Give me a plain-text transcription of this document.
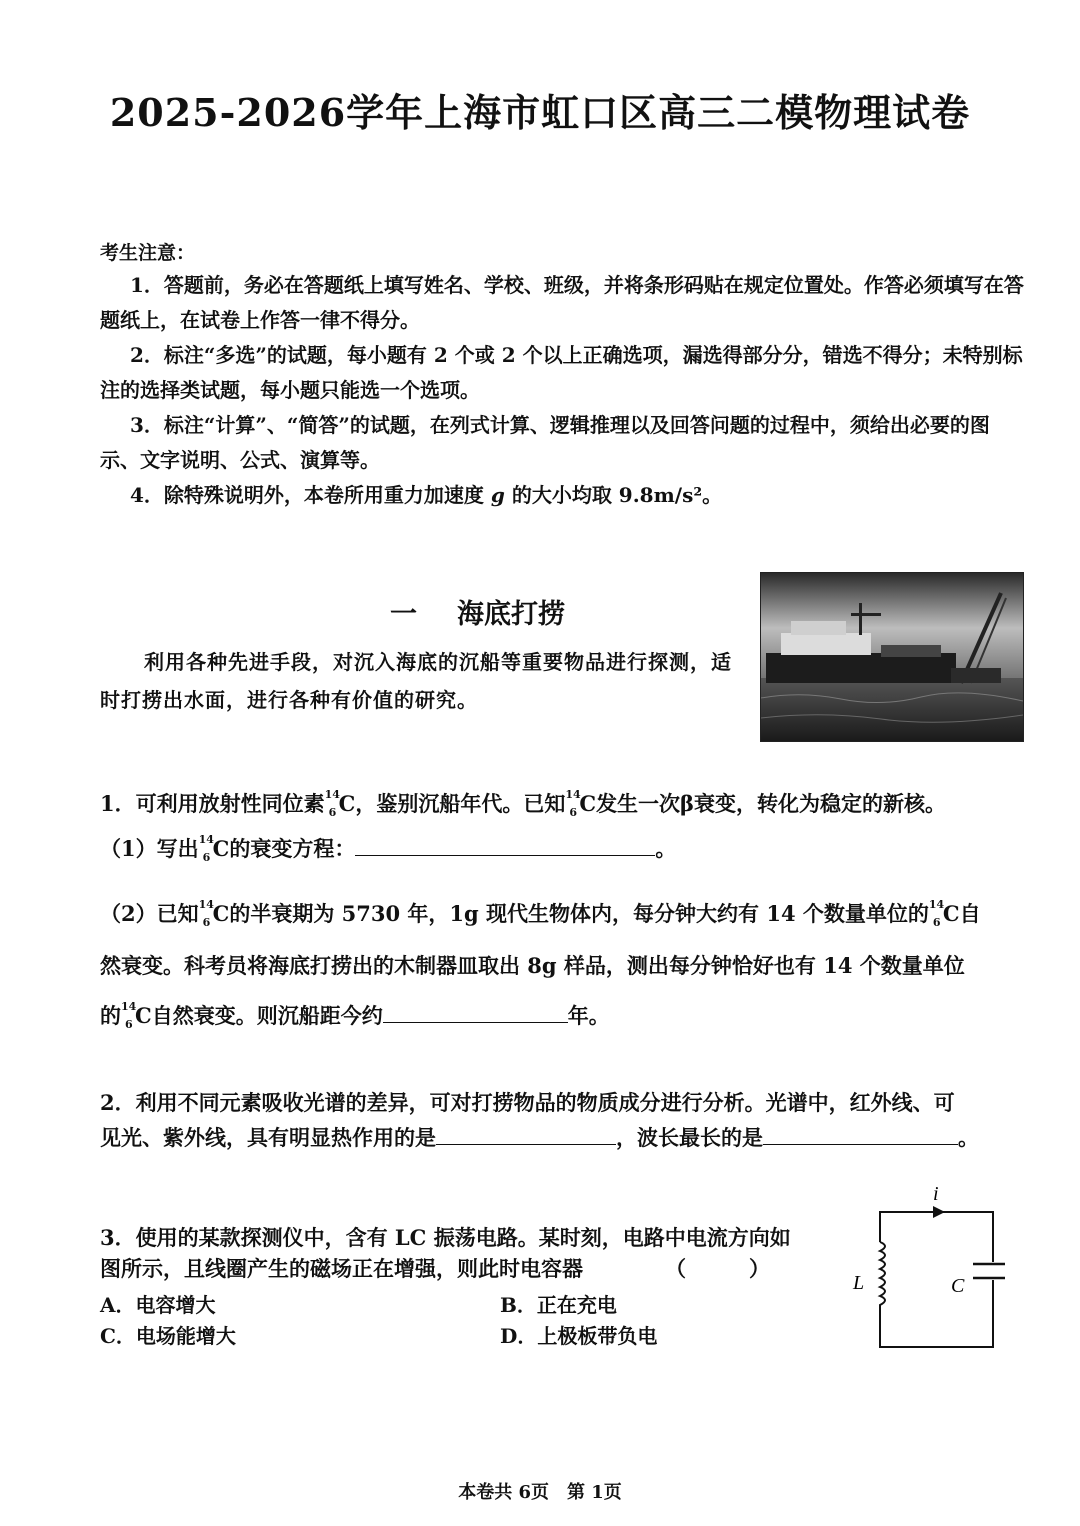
2025-2026学年上海市虹口区高三二模物理试卷
考生注意：
1．答题前，务必在答题纸上填写姓名、学校、班级，并将条形码贴在规定位置处。作答必须填写在答题纸上，在试卷上作答一律不得分。
2．标注“多选”的试题，每小题有 2 个或 2 个以上正确选项，漏选得部分分，错选不得分；未特别标注的选择类试题，每小题只能选一个选项。
3．标注“计算”、“简答”的试题，在列式计算、逻辑推理以及回答问题的过程中，须给出必要的图示、文字说明、公式、演算等。
4．除特殊说明外，本卷所用重力加速度 g 的大小均取 9.8m/s²。
一 海底打捞
利用各种先进手段，对沉入海底的沉船等重要物品进行探测，适时打捞出水面，进行各种有价值的研究。
1．可利用放射性同位素 14
6 C，鉴别沉船年代。已知 14
6 C发生一次β衰变，转化为稳定的新核。
（1）写出 14
6 C的衰变方程：	。
（2）已知 14
6 C的半衰期为 5730 年，1g 现代生物体内，每分钟大约有 14 个数量单位的 14
6 C自
然衰变。科考员将海底打捞出的木制器皿取出 8g 样品，测出每分钟恰好也有 14 个数量单位
的 14
6 C自然衰变。则沉船距今约	年。
2．利用不同元素吸收光谱的差异，可对打捞物品的物质成分进行分析。光谱中，红外线、可
见光、紫外线，具有明显热作用的是	，波长最长的是	。
3．使用的某款探测仪中，含有 LC 振荡电路。某时刻，电路中电流方向如
图所示，且线圈产生的磁场正在增强，则此时电容器	（　　　）
A．电容增大	B．正在充电
C．电场能增大	D．上极板带负电
i
L	C
本卷共 6页　第 1页
